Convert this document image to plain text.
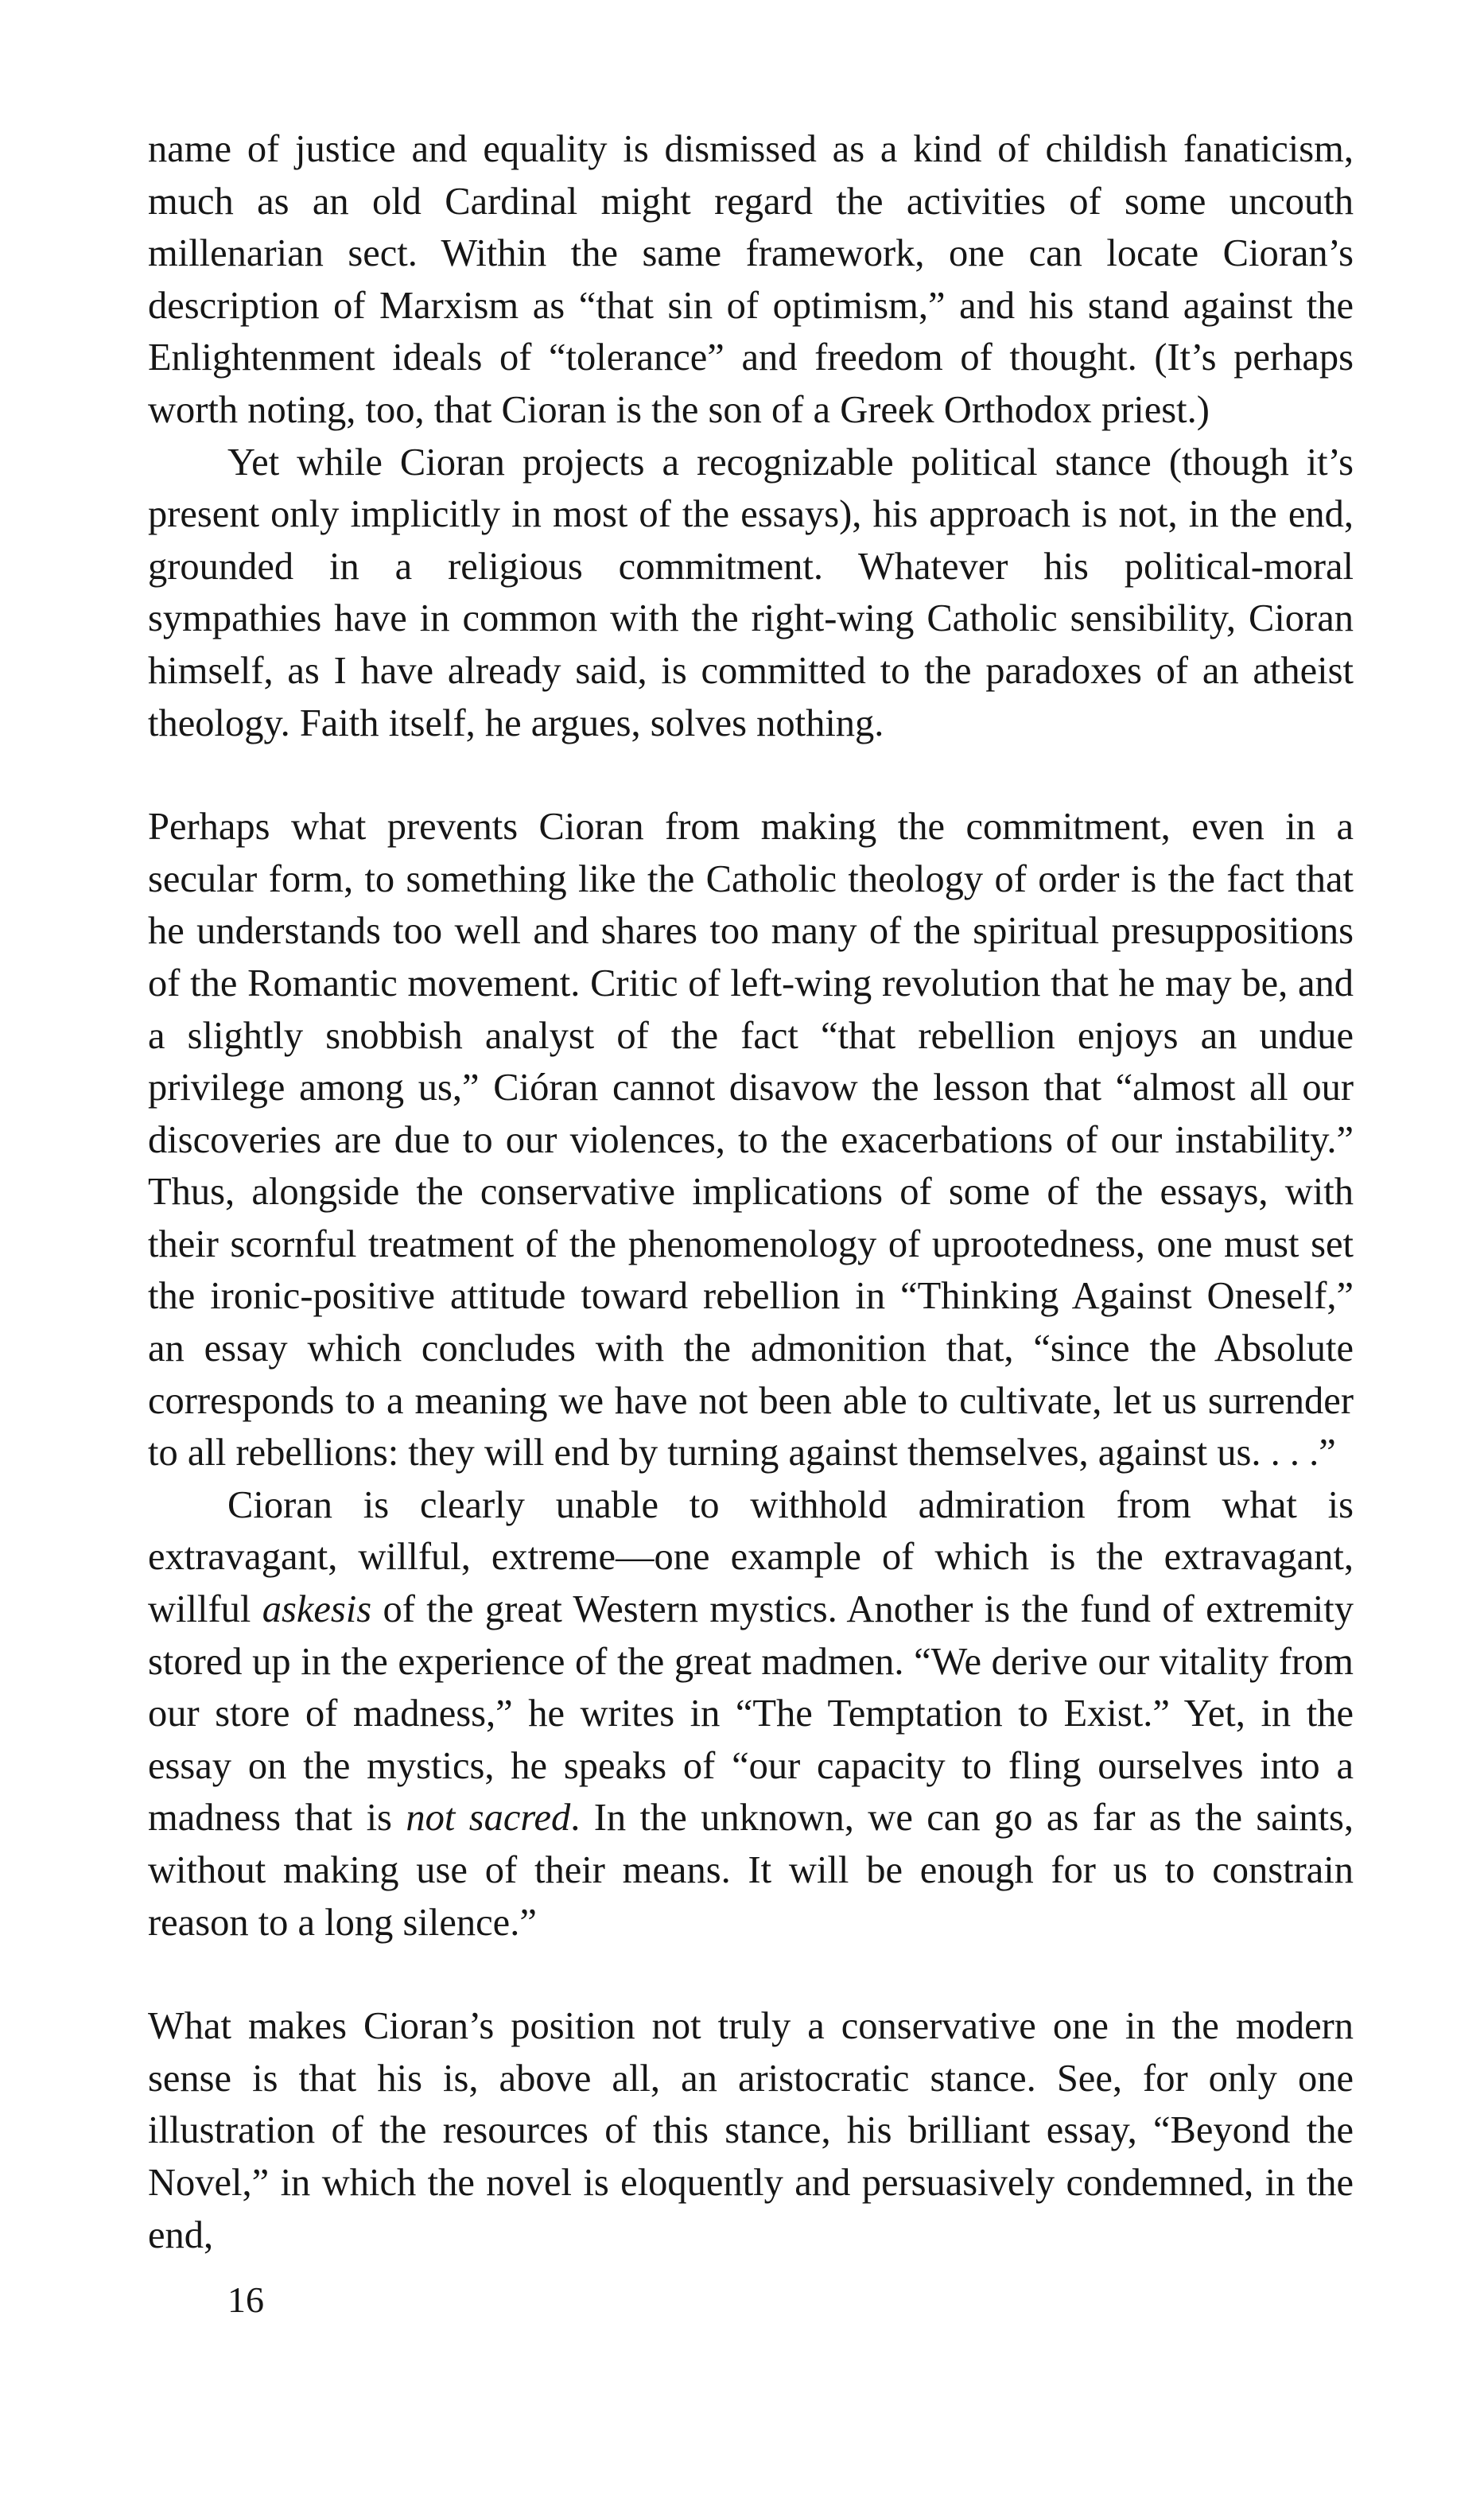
name of justice and equality is dismissed as a kind of childish fanaticism, much as an old Cardinal might regard the activities of some uncouth millenarian sect. Within the same framework, one can locate Cioran’s description of Marxism as “that sin of optimism,” and his stand against the Enlightenment ideals of “tolerance” and freedom of thought. (It’s perhaps worth noting, too, that Cioran is the son of a Greek Orthodox priest.)

Yet while Cioran projects a recognizable political stance (though it’s present only implicitly in most of the essays), his approach is not, in the end, grounded in a religious commitment. Whatever his political-moral sympathies have in common with the right-wing Catholic sensibility, Cioran himself, as I have already said, is committed to the paradoxes of an atheist theology. Faith itself, he argues, solves nothing.

Perhaps what prevents Cioran from making the commitment, even in a secular form, to something like the Catholic theology of order is the fact that he understands too well and shares too many of the spiritual presuppositions of the Romantic movement. Critic of left-wing revolution that he may be, and a slightly snobbish analyst of the fact “that rebellion enjoys an undue privilege among us,” Cióran cannot disavow the lesson that “almost all our discoveries are due to our violences, to the exacerbations of our instability.” Thus, alongside the conservative implications of some of the essays, with their scornful treatment of the phenomenology of uprootedness, one must set the ironic-positive attitude toward rebellion in “Thinking Against Oneself,” an essay which concludes with the admonition that, “since the Absolute corresponds to a meaning we have not been able to cultivate, let us surrender to all rebellions: they will end by turning against themselves, against us. . . .”

Cioran is clearly unable to withhold admiration from what is extravagant, willful, extreme—one example of which is the extravagant, willful askesis of the great Western mystics. Another is the fund of extremity stored up in the experience of the great madmen. “We derive our vitality from our store of madness,” he writes in “The Temptation to Exist.” Yet, in the essay on the mystics, he speaks of “our capacity to fling ourselves into a madness that is not sacred. In the unknown, we can go as far as the saints, without making use of their means. It will be enough for us to constrain reason to a long silence.”

What makes Cioran’s position not truly a conservative one in the modern sense is that his is, above all, an aristocratic stance. See, for only one illustration of the resources of this stance, his brilliant essay, “Beyond the Novel,” in which the novel is eloquently and persuasively condemned, in the end,

16
